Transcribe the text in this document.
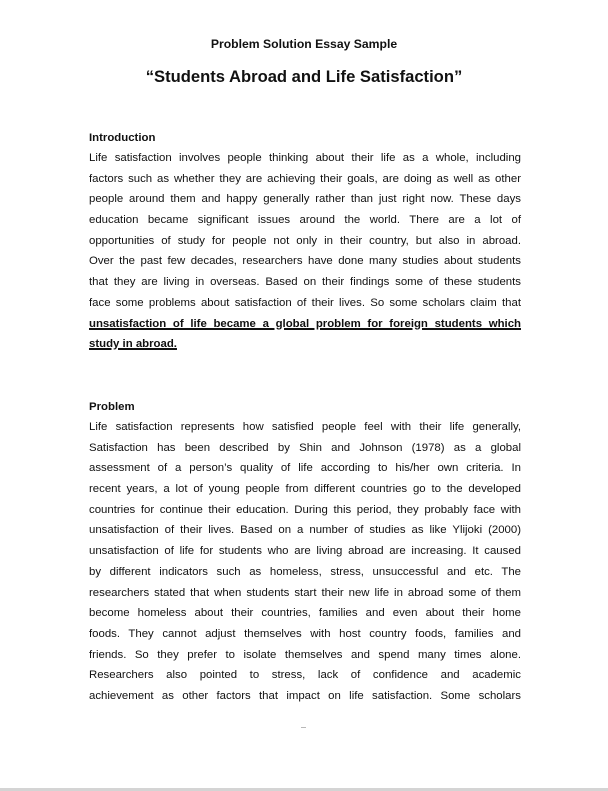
Problem Solution Essay Sample
“Students Abroad and Life Satisfaction”
Introduction
Life satisfaction involves people thinking about their life as a whole, including
factors such as whether they are achieving their goals, are doing as well as other
people around them and happy generally rather than just right now. These days
education became significant issues around the world. There are a lot of
opportunities of study for people not only in their country, but also in abroad.
Over the past few decades, researchers have done many studies about students
that they are living in overseas. Based on their findings some of these students
face some problems about satisfaction of their lives. So some scholars claim that
unsatisfaction of life became a global problem for foreign students which
study in abroad.
Problem
Life satisfaction represents how satisfied people feel with their life generally,
Satisfaction has been described by Shin and Johnson (1978) as a global
assessment of a person’s quality of life according to his/her own criteria. In
recent years, a lot of young people from different countries go to the developed
countries for continue their education. During this period, they probably face with
unsatisfaction of their lives. Based on a number of studies as like Ylijoki (2000)
unsatisfaction of life for students who are living abroad are increasing. It caused
by different indicators such as homeless, stress, unsuccessful and etc. The
researchers stated that when students start their new life in abroad some of them
become homeless about their countries, families and even about their home
foods. They cannot adjust themselves with host country foods, families and
friends. So they prefer to isolate themselves and spend many times alone.
Researchers also pointed to stress, lack of confidence and academic
achievement as other factors that impact on life satisfaction. Some scholars
